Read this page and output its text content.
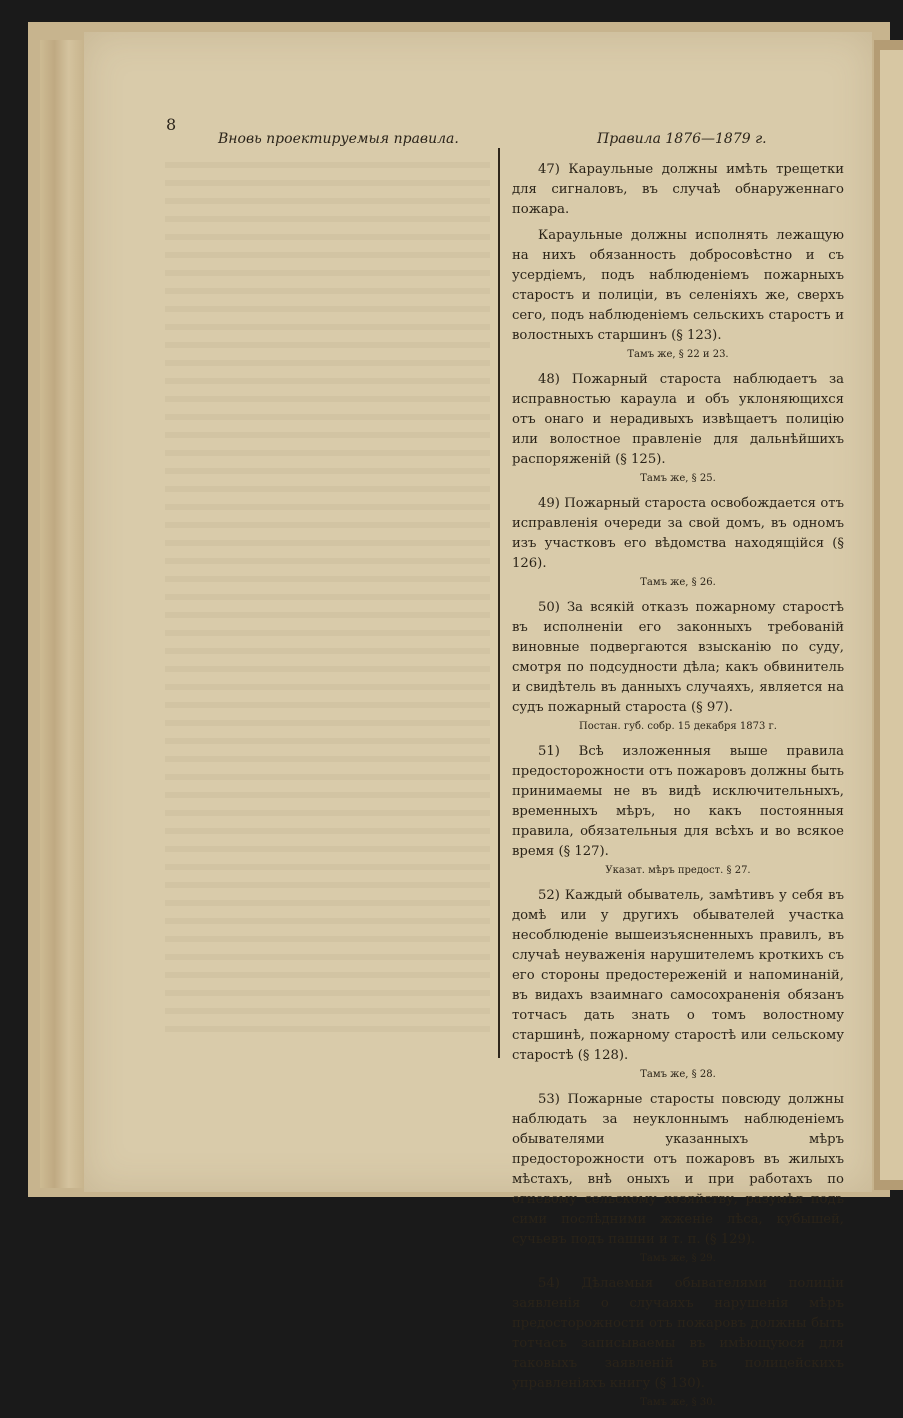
8
Вновь проектируемыя правила.	Правила 1876—1879 г.

47) Караульные должны имѣть трещетки для сигналовъ, въ случаѣ обнаруженнаго пожара.

Караульные должны исполнять лежащую на нихъ обязанность добросовѣстно и съ усердіемъ, подъ наблюденіемъ пожарныхъ старостъ и полиціи, въ селеніяхъ же, сверхъ сего, подъ наблюденіемъ сельскихъ старостъ и волостныхъ старшинъ (§ 123).

Тамъ же, § 22 и 23.

48) Пожарный староста наблюдаетъ за исправностью караула и объ уклоняющихся отъ онаго и нерадивыхъ извѣщаетъ полицію или волостное правленіе для дальнѣйшихъ распоряженій (§ 125).

Тамъ же, § 25.

49) Пожарный староста освобождается отъ исправленія очереди за свой домъ, въ одномъ изъ участковъ его вѣдомства находящійся (§ 126).

Тамъ же, § 26.

50) За всякій отказъ пожарному старостѣ въ исполненіи его законныхъ требованій виновные подвергаются взысканію по суду, смотря по подсудности дѣла; какъ обвинитель и свидѣтель въ данныхъ случаяхъ, является на судъ пожарный староста (§ 97).

Постан. губ. собр. 15 декабря 1873 г.

51) Всѣ изложенныя выше правила предосторожности отъ пожаровъ должны быть принимаемы не въ видѣ исключительныхъ, временныхъ мѣръ, но какъ постоянныя правила, обязательныя для всѣхъ и во всякое время (§ 127).

Указат. мѣръ предост. § 27.

52) Каждый обыватель, замѣтивъ у себя въ домѣ или у другихъ обывателей участка несоблюденіе вышеизъясненныхъ правилъ, въ случаѣ неуваженія нарушителемъ кроткихъ съ его стороны предостереженій и напоминаній, въ видахъ взаимнаго самосохраненія обязанъ тотчасъ дать знать о томъ волостному старшинѣ, пожарному старостѣ или сельскому старостѣ (§ 128).

Тамъ же, § 28.

53) Пожарные старосты повсюду должны наблюдать за неуклоннымъ наблюденіемъ обывателями указанныхъ мѣръ предосторожности отъ пожаровъ въ жилыхъ мѣстахъ, внѣ оныхъ и при работахъ по огневому сельскому хозяйству, разумѣя подъ сими послѣдними жженіе лѣса, кубышей, сучьевъ подъ пашни и т. п. (§ 129).

Тамъ же, § 29.

54) Дѣлаемыя обывателями полиціи заявленія о случаяхъ нарушенія мѣръ предосторожности отъ пожаровъ должны быть тотчасъ записываемы въ имѣющуюся для таковыхъ заявленій въ полицейскихъ управленіяхъ книгу (§ 130).

Тамъ же, § 30.
